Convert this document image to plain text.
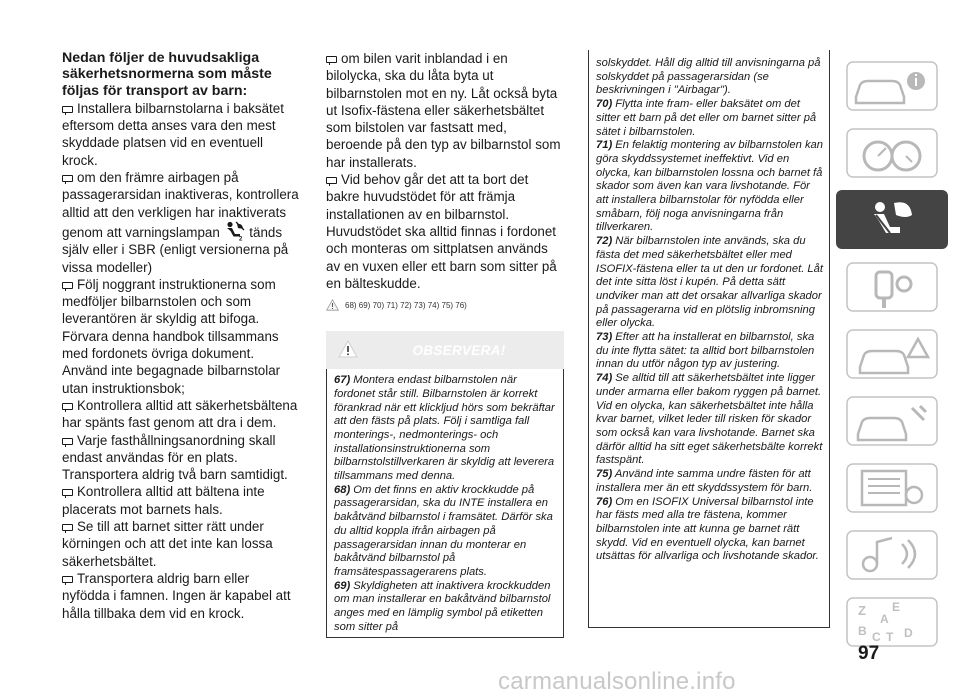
Nedan följer de huvudsakliga säkerhetsnormerna som måste följas för transport av barn:

Installera bilbarnstolarna i baksätet eftersom detta anses vara den mest skyddade platsen vid en eventuell krock.

om den främre airbagen på passagerarsidan inaktiveras, kontrollera alltid att den verkligen har inaktiverats genom att varningslampan	2 tänds själv eller i SBR (enligt versionerna på vissa modeller)

Följ noggrant instruktionerna som medföljer bilbarnstolen och som leverantören är skyldig att bifoga. Förvara denna handbok tillsammans med fordonets övriga dokument. Använd inte begagnade bilbarnstolar utan instruktionsbok;

Kontrollera alltid att säkerhetsbältena har spänts fast genom att dra i dem.

Varje fasthållningsanordning skall endast användas för en plats. Transportera aldrig två barn samtidigt.

Kontrollera alltid att bältena inte placerats mot barnets hals.

Se till att barnet sitter rätt under körningen och att det inte kan lossa säkerhetsbältet.

Transportera aldrig barn eller nyfödda i famnen. Ingen är kapabel att hålla tillbaka dem vid en krock.

om bilen varit inblandad i en bilolycka, ska du låta byta ut bilbarnstolen mot en ny. Låt också byta ut Isofix-fästena eller säkerhetsbältet som bilstolen var fastsatt med, beroende på den typ av bilbarnstol som har installerats.

Vid behov går det att ta bort det bakre huvudstödet för att främja installationen av en bilbarnstol. Huvudstödet ska alltid finnas i fordonet och monteras om sittplatsen används av en vuxen eller ett barn som sitter på en bälteskudde.

68) 69) 70) 71) 72) 73) 74) 75) 76)
OBSERVERA!

67) Montera endast bilbarnstolen när fordonet står still. Bilbarnstolen är korrekt förankrad när ett klickljud hörs som bekräftar att den fästs på plats. Följ i samtliga fall monterings-, nedmonterings- och installationsinstruktionerna som bilbarnstolstillverkaren är skyldig att leverera tillsammans med denna.

68) Om det finns en aktiv krockkudde på passagerarsidan, ska du INTE installera en bakåtvänd bilbarnstol i framsätet. Därför ska du alltid koppla ifrån airbagen på passagerarsidan innan du monterar en bakåtvänd bilbarnstol på framsätespassagerarens plats.

69) Skyldigheten att inaktivera krockkudden om man installerar en bakåtvänd bilbarnstol anges med en lämplig symbol på etiketten som sitter på

solskyddet. Håll dig alltid till anvisningarna på solskyddet på passagerarsidan (se beskrivningen i "Airbagar").

70) Flytta inte fram- eller baksätet om det sitter ett barn på det eller om barnet sitter på sätet i bilbarnstolen.

71) En felaktig montering av bilbarnstolen kan göra skyddssystemet ineffektivt. Vid en olycka, kan bilbarnstolen lossna och barnet få skador som även kan vara livshotande. För att installera bilbarnstolar för nyfödda eller småbarn, följ noga anvisningarna från tillverkaren.

72) När bilbarnstolen inte används, ska du fästa det med säkerhetsbältet eller med ISOFIX-fästena eller ta ut den ur fordonet. Låt det inte sitta löst i kupén. På detta sätt undviker man att det orsakar allvarliga skador på passagerarna vid en plötslig inbromsning eller olycka.

73) Efter att ha installerat en bilbarnstol, ska du inte flytta sätet: ta alltid bort bilbarnstolen innan du utför någon typ av justering.

74) Se alltid till att säkerhetsbältet inte ligger under armarna eller bakom ryggen på barnet. Vid en olycka, kan säkerhetsbältet inte hålla kvar barnet, vilket leder till risken för skador som också kan vara livshotande. Barnet ska därför alltid ha sitt eget säkerhetsbälte korrekt fastspänt.

75) Använd inte samma undre fästen för att installera mer än ett skyddssystem för barn.

76) Om en ISOFIX Universal bilbarnstol inte har fästs med alla tre fästena, kommer bilbarnstolen inte att kunna ge barnet rätt skydd. Vid en eventuell olycka, kan barnet utsättas för allvarliga och livshotande skador.

Z E
A
B C T D
97
carmanualsonline.info
